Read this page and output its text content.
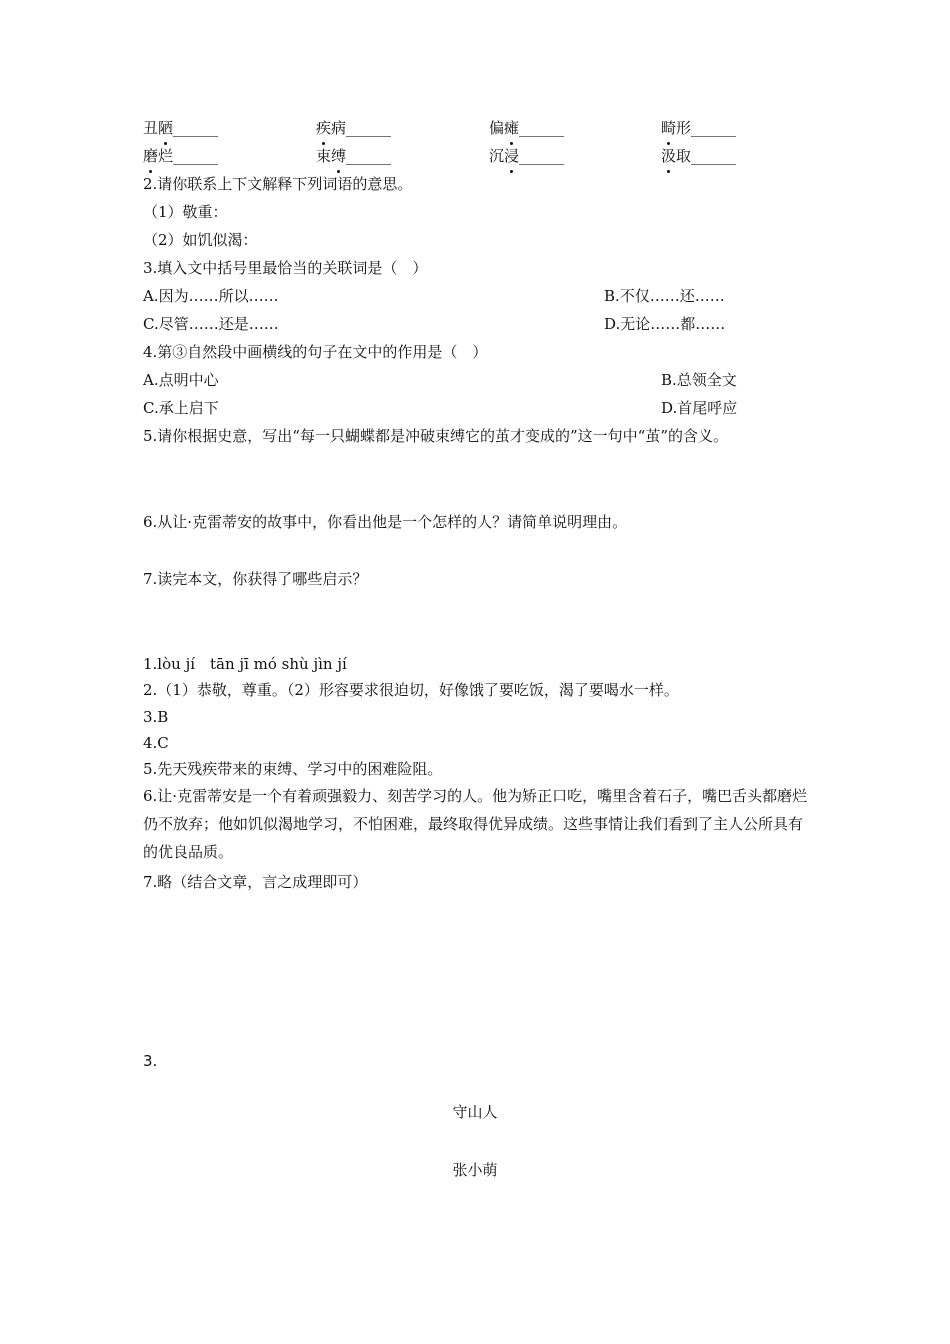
丑陋______	疾病______	偏瘫______	畸形______
磨烂______	束缚______	沉浸______	汲取______
2.请你联系上下文解释下列词语的意思。
（1）敬重：
（2）如饥似渴：
3.填入文中括号里最恰当的关联词是（　）
A.因为……所以……	B.不仅……还……
C.尽管……还是……	D.无论……都……
4.第③自然段中画横线的句子在文中的作用是（　）
A.点明中心	B.总领全文
C.承上启下	D.首尾呼应
5.请你根据史意，写出“每一只蝴蝶都是冲破束缚它的茧才变成的”这一句中“茧”的含义。
6.从让·克雷蒂安的故事中，你看出他是一个怎样的人？请简单说明理由。
7.读完本文，你获得了哪些启示？
1.lòu jí　tān jī mó shù jìn jí
2.（1）恭敬，尊重。（2）形容要求很迫切，好像饿了要吃饭，渴了要喝水一样。
3.B
4.C
5.先天残疾带来的束缚、学习中的困难险阻。
6.让·克雷蒂安是一个有着顽强毅力、刻苦学习的人。他为矫正口吃，嘴里含着石子，嘴巴舌头都磨烂仍不放弃；他如饥似渴地学习，不怕困难，最终取得优异成绩。这些事情让我们看到了主人公所具有的优良品质。
7.略（结合文章，言之成理即可）
3.
守山人
张小萌
